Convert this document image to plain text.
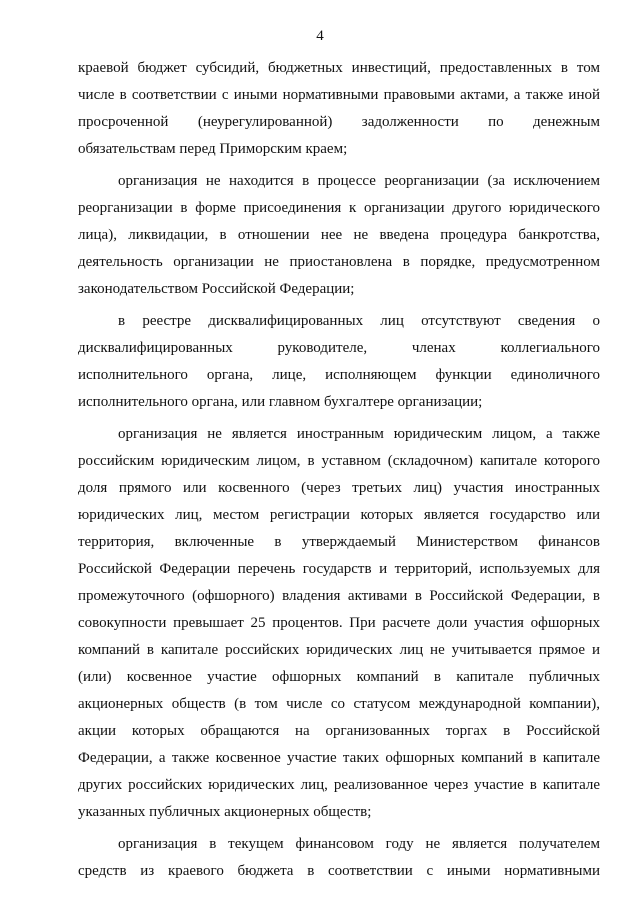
4
краевой бюджет субсидий, бюджетных инвестиций, предоставленных в том
числе в соответствии с иными нормативными правовыми актами, а также иной
просроченной (неурегулированной) задолженности по денежным
обязательствам перед Приморским краем;
организация не находится в процессе реорганизации (за исключением
реорганизации в форме присоединения к организации другого юридического
лица), ликвидации, в отношении нее не введена процедура банкротства,
деятельность организации не приостановлена в порядке, предусмотренном
законодательством Российской Федерации;
в реестре дисквалифицированных лиц отсутствуют сведения о
дисквалифицированных руководителе, членах коллегиального
исполнительного органа, лице, исполняющем функции единоличного
исполнительного органа, или главном бухгалтере организации;
организация не является иностранным юридическим лицом, а также
российским юридическим лицом, в уставном (складочном) капитале которого
доля прямого или косвенного (через третьих лиц) участия иностранных
юридических лиц, местом регистрации которых является государство или
территория, включенные в утверждаемый Министерством финансов
Российской Федерации перечень государств и территорий, используемых для
промежуточного (офшорного) владения активами в Российской Федерации, в
совокупности превышает 25 процентов. При расчете доли участия офшорных
компаний в капитале российских юридических лиц не учитывается прямое и
(или) косвенное участие офшорных компаний в капитале публичных
акционерных обществ (в том числе со статусом международной компании),
акции которых обращаются на организованных торгах в Российской
Федерации, а также косвенное участие таких офшорных компаний в капитале
других российских юридических лиц, реализованное через участие в капитале
указанных публичных акционерных обществ;
организация в текущем финансовом году не является получателем
средств из краевого бюджета в соответствии с иными нормативными
